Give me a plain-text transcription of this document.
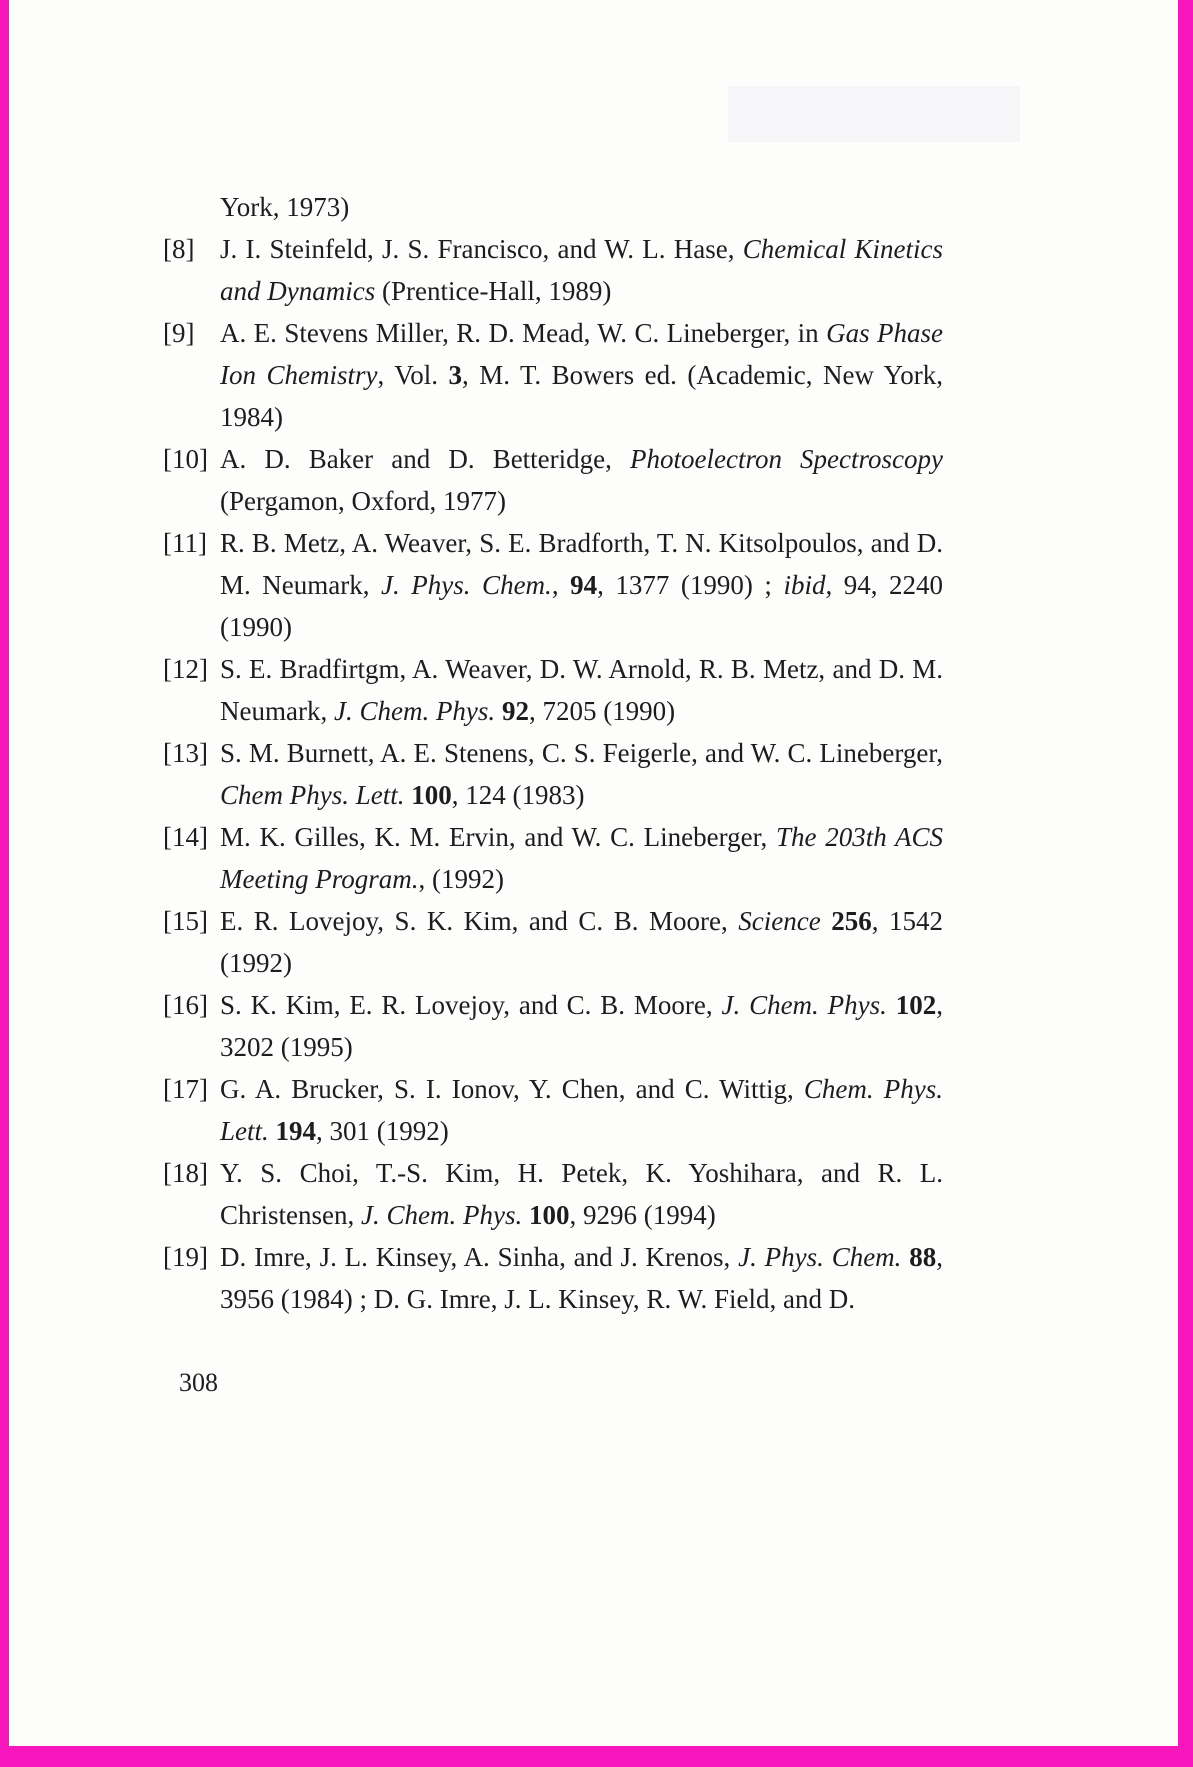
York, 1973)
[8] J. I. Steinfeld, J. S. Francisco, and W. L. Hase, Chemical Kinetics and Dynamics (Prentice-Hall, 1989)
[9] A. E. Stevens Miller, R. D. Mead, W. C. Lineberger, in Gas Phase Ion Chemistry, Vol. 3, M. T. Bowers ed. (Academic, New York, 1984)
[10] A. D. Baker and D. Betteridge, Photoelectron Spectroscopy (Pergamon, Oxford, 1977)
[11] R. B. Metz, A. Weaver, S. E. Bradforth, T. N. Kitsolpoulos, and D. M. Neumark, J. Phys. Chem., 94, 1377 (1990) ; ibid, 94, 2240 (1990)
[12] S. E. Bradfirtgm, A. Weaver, D. W. Arnold, R. B. Metz, and D. M. Neumark, J. Chem. Phys. 92, 7205 (1990)
[13] S. M. Burnett, A. E. Stenens, C. S. Feigerle, and W. C. Lineberger, Chem Phys. Lett. 100, 124 (1983)
[14] M. K. Gilles, K. M. Ervin, and W. C. Lineberger, The 203th ACS Meeting Program., (1992)
[15] E. R. Lovejoy, S. K. Kim, and C. B. Moore, Science 256, 1542 (1992)
[16] S. K. Kim, E. R. Lovejoy, and C. B. Moore, J. Chem. Phys. 102, 3202 (1995)
[17] G. A. Brucker, S. I. Ionov, Y. Chen, and C. Wittig, Chem. Phys. Lett. 194, 301 (1992)
[18] Y. S. Choi, T.-S. Kim, H. Petek, K. Yoshihara, and R. L. Christensen, J. Chem. Phys. 100, 9296 (1994)
[19] D. Imre, J. L. Kinsey, A. Sinha, and J. Krenos, J. Phys. Chem. 88, 3956 (1984) ; D. G. Imre, J. L. Kinsey, R. W. Field, and D.
308
